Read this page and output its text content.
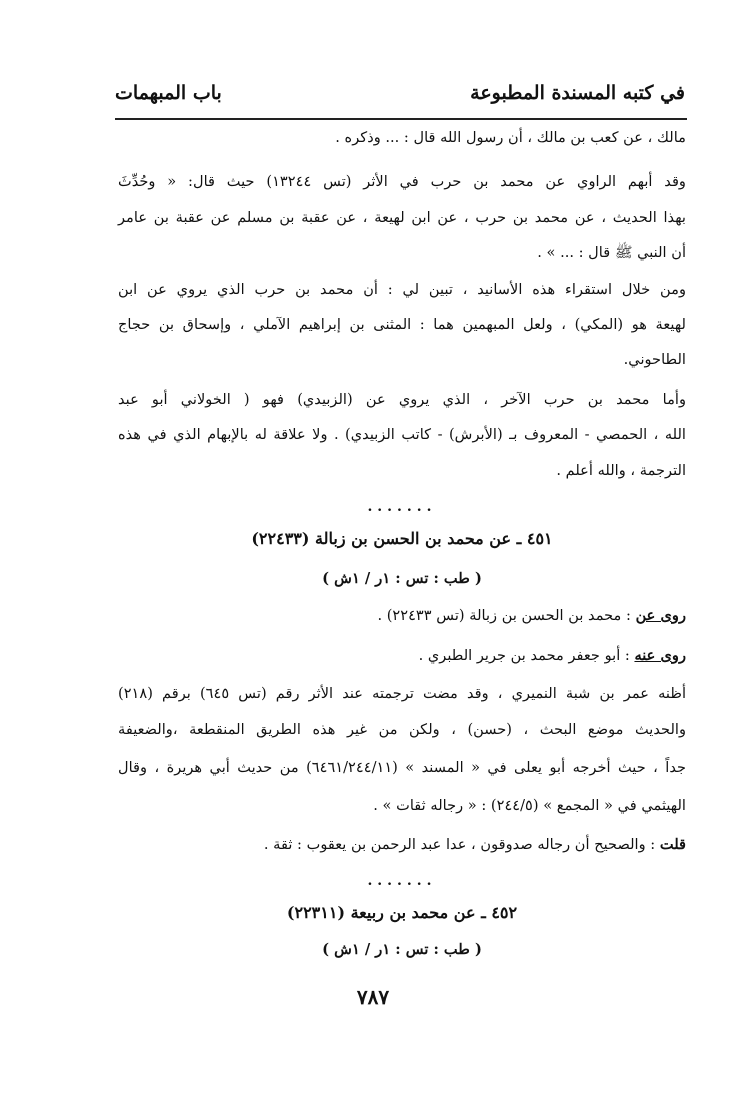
في كتبه المسندة المطبوعة
باب المبهمات
مالك ، عن كعب بن مالك ، أن رسول الله قال : ... وذكره .
وقد أبهم الراوي عن محمد بن حرب في الأثر (تس ١٣٢٤٤) حيث قال: « وحُدِّثَ
بهذا الحديث ، عن محمد بن حرب ، عن ابن لهيعة ، عن عقبة بن مسلم عن عقبة بن عامر
أن النبي ﷺ قال : ... » .
ومن خلال استقراء هذه الأسانيد ، تبين لي : أن محمد بن حرب الذي يروي عن ابن
لهيعة هو (المكي) ، ولعل المبهمين هما : المثنى بن إبراهيم الآملي ، وإسحاق بن حجاج
الطاحوني.
وأما محمد بن حرب الآخر ، الذي يروي عن (الزبيدي) فهو ( الخولاني أبو عبد
الله ، الحمصي - المعروف بـ (الأبرش) - كاتب الزبيدي) . ولا علاقة له بالإبهام الذي في هذه
الترجمة ، والله أعلم .
.......
٤٥١ ـ عن محمد بن الحسن بن زبالة (٢٢٤٣٣)
( طب : تس : ١ر / ١ش )
روى عن : محمد بن الحسن بن زبالة (تس ٢٢٤٣٣) .
روى عنه : أبو جعفر محمد بن جرير الطبري .
أظنه عمر بن شبة النميري ، وقد مضت ترجمته عند الأثر رقم (تس ٦٤٥) برقم (٢١٨)
والحديث موضع البحث ، (حسن) ، ولكن من غير هذه الطريق المنقطعة ،والضعيفة
جداً ، حيث أخرجه أبو يعلى في « المسند » (٦٤٦١/٢٤٤/١١) من حديث أبي هريرة ، وقال
الهيثمي في « المجمع » (٢٤٤/٥) : « رجاله ثقات » .
قلت : والصحيح أن رجاله صدوقون ، عدا عبد الرحمن بن يعقوب : ثقة .
.......
٤٥٢ ـ عن محمد بن ربيعة (٢٢٣١١)
( طب : تس : ١ر / ١ش )
٧٨٧
